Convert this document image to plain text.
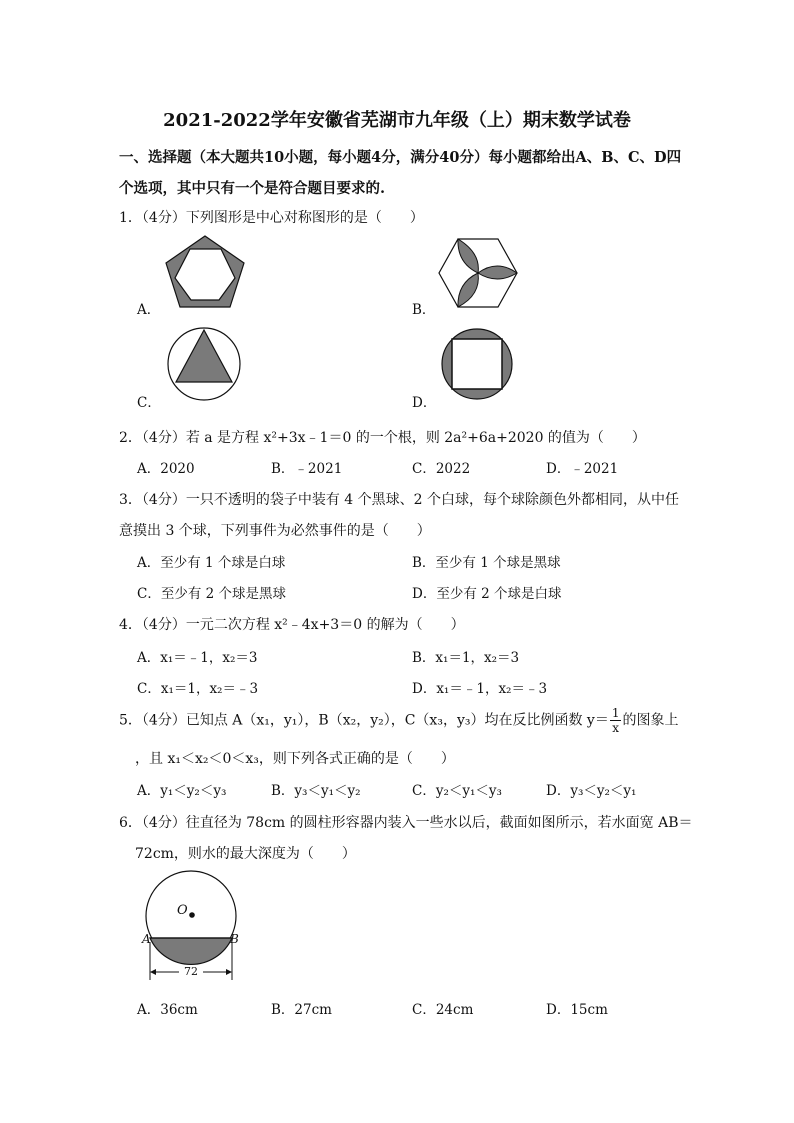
2021-2022学年安徽省芜湖市九年级（上）期末数学试卷
一、选择题（本大题共10小题，每小题4分，满分40分）每小题都给出A、B、C、D四
个选项，其中只有一个是符合题目要求的.
1．（4分）下列图形是中心对称图形的是（　　）
A．	B．
C．	D．
2．（4分）若 a 是方程 x²+3x﹣1＝0 的一个根，则 2a²+6a+2020 的值为（　　）
A．2020	B．﹣2021	C．2022	D．﹣2021
3．（4分）一只不透明的袋子中装有 4 个黑球、2 个白球，每个球除颜色外都相同，从中任
意摸出 3 个球，下列事件为必然事件的是（　　）
A．至少有 1 个球是白球	B．至少有 1 个球是黑球
C．至少有 2 个球是黑球	D．至少有 2 个球是白球
4．（4分）一元二次方程 x²﹣4x+3＝0 的解为（　　）
A．x₁＝﹣1，x₂＝3	B．x₁＝1，x₂＝3
C．x₁＝1，x₂＝﹣3	D．x₁＝﹣1，x₂＝﹣3
5．（4分）已知点 A（x₁，y₁），B（x₂，y₂），C（x₃，y₃）均在反比例函数 $y= \frac{1}{x}$ 的图象上
，且 x₁＜x₂＜0＜x₃，则下列各式正确的是（　　）
A．y₁＜y₂＜y₃	B．y₃＜y₁＜y₂	C．y₂＜y₁＜y₃	D．y₃＜y₂＜y₁
6．（4分）往直径为 78cm 的圆柱形容器内装入一些水以后，截面如图所示，若水面宽 AB＝
72cm，则水的最大深度为（　　）
O
A	B
72
A．36cm	B．27cm	C．24cm	D．15cm
